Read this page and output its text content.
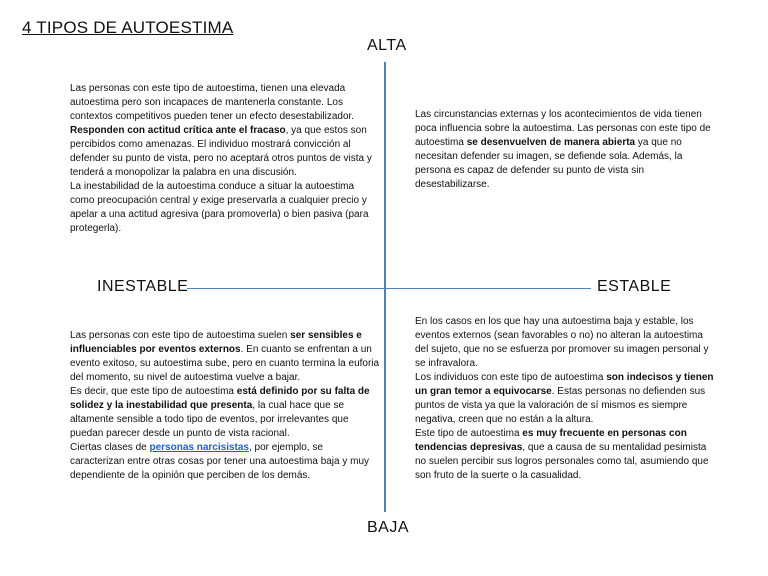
4 TIPOS DE AUTOESTIMA
ALTA
BAJA
INESTABLE	ESTABLE
Las personas con este tipo de autoestima, tienen una elevada autoestima pero son incapaces de mantenerla constante. Los contextos competitivos pueden tener un efecto desestabilizador. Responden con actitud crítica ante el fracaso, ya que estos son percibidos como amenazas. El individuo mostrará convicción al defender su punto de vista, pero no aceptará otros puntos de vista y tenderá a monopolizar la palabra en una discusión.
La inestabilidad de la autoestima conduce a situar la autoestima como preocupación central y exige preservarla a cualquier precio y apelar a una actitud agresiva (para promoverla) o bien pasiva (para protegerla).
Las circunstancias externas y los acontecimientos de vida tienen poca influencia sobre la autoestima. Las personas con este tipo de autoestima se desenvuelven de manera abierta ya que no necesitan defender su imagen, se defiende sola. Además, la persona es capaz de defender su punto de vista sin desestabilizarse.
Las personas con este tipo de autoestima suelen ser sensibles e influenciables por eventos externos. En cuanto se enfrentan a un evento exitoso, su autoestima sube, pero en cuanto termina la euforia del momento, su nivel de autoestima vuelve a bajar.
Es decir, que este tipo de autoestima está definido por su falta de solidez y la inestabilidad que presenta, la cual hace que se altamente sensible a todo tipo de eventos, por irrelevantes que puedan parecer desde un punto de vista racional.
Ciertas clases de personas narcisistas, por ejemplo, se caracterizan entre otras cosas por tener una autoestima baja y muy dependiente de la opinión que perciben de los demás.
En los casos en los que hay una autoestima baja y estable, los eventos externos (sean favorables o no) no alteran la autoestima del sujeto, que no se esfuerza por promover su imagen personal y se infravalora.
Los individuos con este tipo de autoestima son indecisos y tienen un gran temor a equivocarse. Estas personas no defienden sus puntos de vista ya que la valoración de sí mismos es siempre negativa, creen que no están a la altura.
Este tipo de autoestima es muy frecuente en personas con tendencias depresivas, que a causa de su mentalidad pesimista no suelen percibir sus logros personales como tal, asumiendo que son fruto de la suerte o la casualidad.
